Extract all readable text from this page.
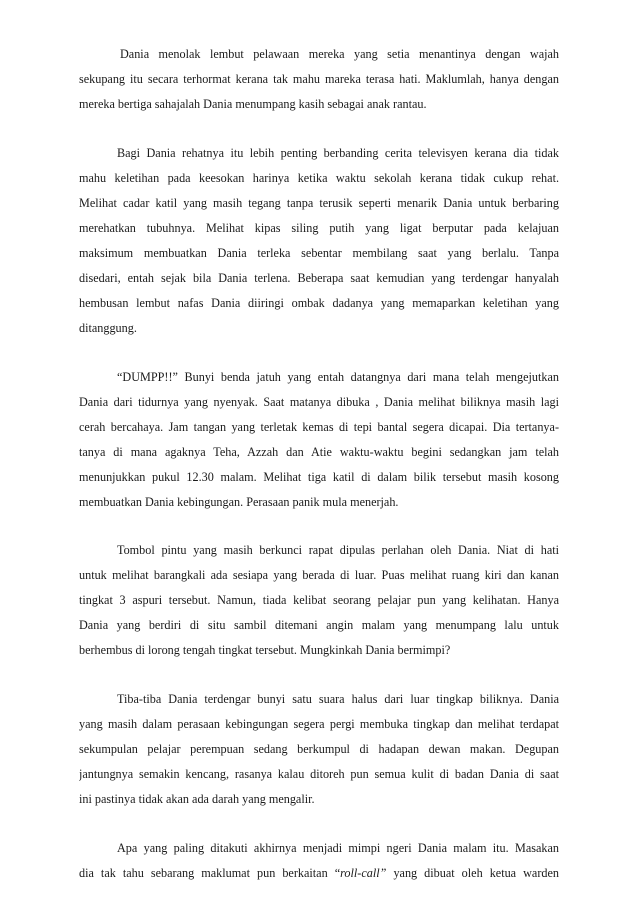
Dania menolak lembut pelawaan mereka yang setia menantinya dengan wajah
sekupang itu secara terhormat kerana tak mahu mareka terasa hati. Maklumlah, hanya dengan
mereka bertiga sahajalah Dania menumpang kasih sebagai anak rantau.
Bagi Dania rehatnya itu lebih penting berbanding cerita televisyen kerana dia tidak
mahu keletihan pada keesokan harinya ketika waktu sekolah kerana tidak cukup rehat.
Melihat cadar katil yang masih tegang tanpa terusik seperti menarik Dania untuk berbaring
merehatkan tubuhnya. Melihat kipas siling putih yang ligat berputar pada kelajuan
maksimum membuatkan Dania terleka sebentar membilang saat yang berlalu. Tanpa
disedari, entah sejak bila Dania terlena. Beberapa saat kemudian yang terdengar hanyalah
hembusan lembut nafas Dania diiringi ombak dadanya yang memaparkan keletihan yang
ditanggung.
“DUMPP!!” Bunyi benda jatuh yang entah datangnya dari mana telah mengejutkan
Dania dari tidurnya yang nyenyak. Saat matanya dibuka , Dania melihat biliknya masih lagi
cerah bercahaya. Jam tangan yang terletak kemas di tepi bantal segera dicapai. Dia tertanya-
tanya di mana agaknya Teha, Azzah dan Atie waktu-waktu begini sedangkan jam telah
menunjukkan pukul 12.30 malam. Melihat tiga katil di dalam bilik tersebut masih kosong
membuatkan Dania kebingungan. Perasaan panik mula menerjah.
Tombol pintu yang masih berkunci rapat dipulas perlahan oleh Dania. Niat di hati
untuk melihat barangkali ada sesiapa yang berada di luar. Puas melihat ruang kiri dan kanan
tingkat 3 aspuri tersebut. Namun, tiada kelibat seorang pelajar pun yang kelihatan. Hanya
Dania yang berdiri di situ sambil ditemani angin malam yang menumpang lalu untuk
berhembus di lorong tengah tingkat tersebut. Mungkinkah Dania bermimpi?
Tiba-tiba Dania terdengar bunyi satu suara halus dari luar tingkap biliknya. Dania
yang masih dalam perasaan kebingungan segera pergi membuka tingkap dan melihat terdapat
sekumpulan pelajar perempuan sedang berkumpul di hadapan dewan makan. Degupan
jantungnya semakin kencang, rasanya kalau ditoreh pun semua kulit di badan Dania di saat
ini pastinya tidak akan ada darah yang mengalir.
Apa yang paling ditakuti akhirnya menjadi mimpi ngeri Dania malam itu. Masakan
dia tak tahu sebarang maklumat pun berkaitan “roll-call” yang dibuat oleh ketua warden
